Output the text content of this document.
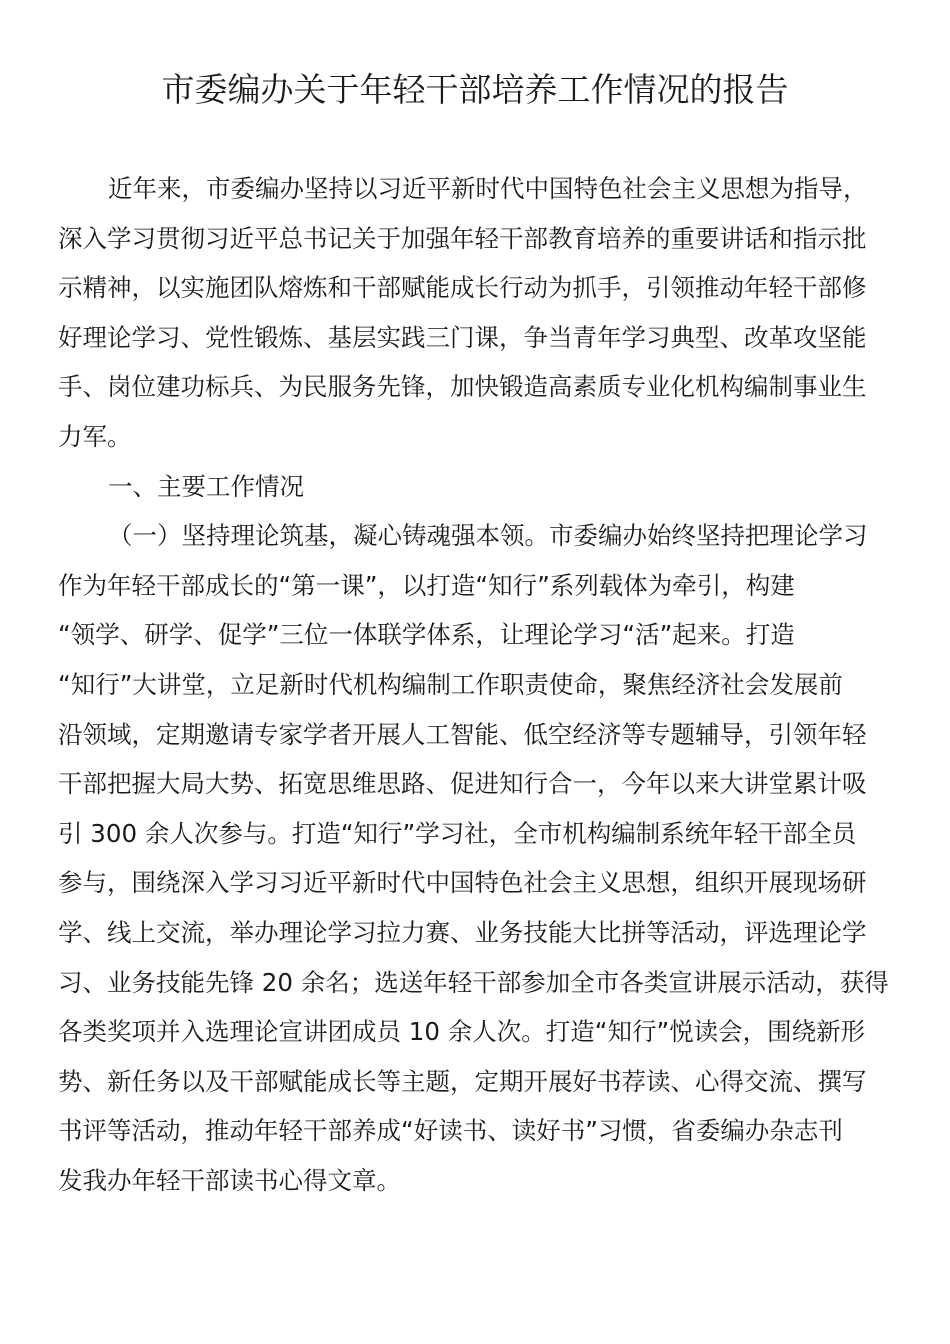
市委编办关于年轻干部培养工作情况的报告

近年来，市委编办坚持以习近平新时代中国特色社会主义思想为指导，
深入学习贯彻习近平总书记关于加强年轻干部教育培养的重要讲话和指示批
示精神，以实施团队熔炼和干部赋能成长行动为抓手，引领推动年轻干部修
好理论学习、党性锻炼、基层实践三门课，争当青年学习典型、改革攻坚能
手、岗位建功标兵、为民服务先锋，加快锻造高素质专业化机构编制事业生
力军。

一、主要工作情况

（一）坚持理论筑基，凝心铸魂强本领。市委编办始终坚持把理论学习
作为年轻干部成长的“第一课”，以打造“知行”系列载体为牵引，构建
“领学、研学、促学”三位一体联学体系，让理论学习“活”起来。打造
“知行”大讲堂，立足新时代机构编制工作职责使命，聚焦经济社会发展前
沿领域，定期邀请专家学者开展人工智能、低空经济等专题辅导，引领年轻
干部把握大局大势、拓宽思维思路、促进知行合一，今年以来大讲堂累计吸
引 300 余人次参与。打造“知行”学习社，全市机构编制系统年轻干部全员
参与，围绕深入学习习近平新时代中国特色社会主义思想，组织开展现场研
学、线上交流，举办理论学习拉力赛、业务技能大比拼等活动，评选理论学
习、业务技能先锋 20 余名；选送年轻干部参加全市各类宣讲展示活动，获得
各类奖项并入选理论宣讲团成员 10 余人次。打造“知行”悦读会，围绕新形
势、新任务以及干部赋能成长等主题，定期开展好书荐读、心得交流、撰写
书评等活动，推动年轻干部养成“好读书、读好书”习惯，省委编办杂志刊
发我办年轻干部读书心得文章。
